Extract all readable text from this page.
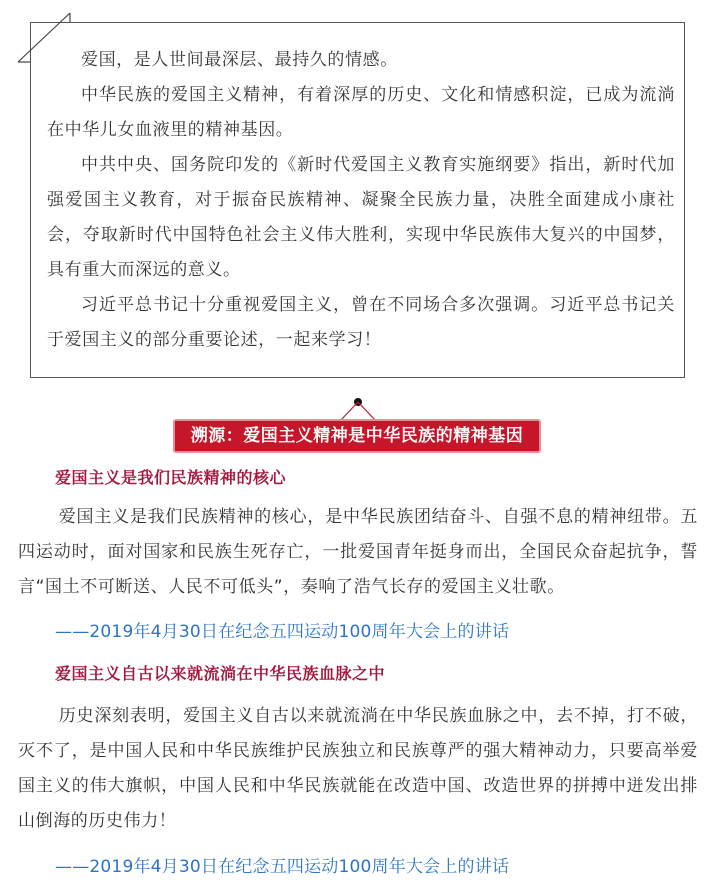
爱国，是人世间最深层、最持久的情感。

中华民族的爱国主义精神，有着深厚的历史、文化和情感积淀，已成为流淌在中华儿女血液里的精神基因。

中共中央、国务院印发的《新时代爱国主义教育实施纲要》指出，新时代加强爱国主义教育，对于振奋民族精神、凝聚全民族力量，决胜全面建成小康社会，夺取新时代中国特色社会主义伟大胜利，实现中华民族伟大复兴的中国梦，具有重大而深远的意义。

习近平总书记十分重视爱国主义，曾在不同场合多次强调。习近平总书记关于爱国主义的部分重要论述，一起来学习！

溯源：爱国主义精神是中华民族的精神基因
爱国主义是我们民族精神的核心

爱国主义是我们民族精神的核心，是中华民族团结奋斗、自强不息的精神纽带。五四运动时，面对国家和民族生死存亡，一批爱国青年挺身而出，全国民众奋起抗争，誓言“国土不可断送、人民不可低头”，奏响了浩气长存的爱国主义壮歌。

——2019年4月30日在纪念五四运动100周年大会上的讲话
爱国主义自古以来就流淌在中华民族血脉之中

历史深刻表明，爱国主义自古以来就流淌在中华民族血脉之中，去不掉，打不破，灭不了，是中国人民和中华民族维护民族独立和民族尊严的强大精神动力，只要高举爱国主义的伟大旗帜，中国人民和中华民族就能在改造中国、改造世界的拼搏中迸发出排山倒海的历史伟力！

——2019年4月30日在纪念五四运动100周年大会上的讲话
